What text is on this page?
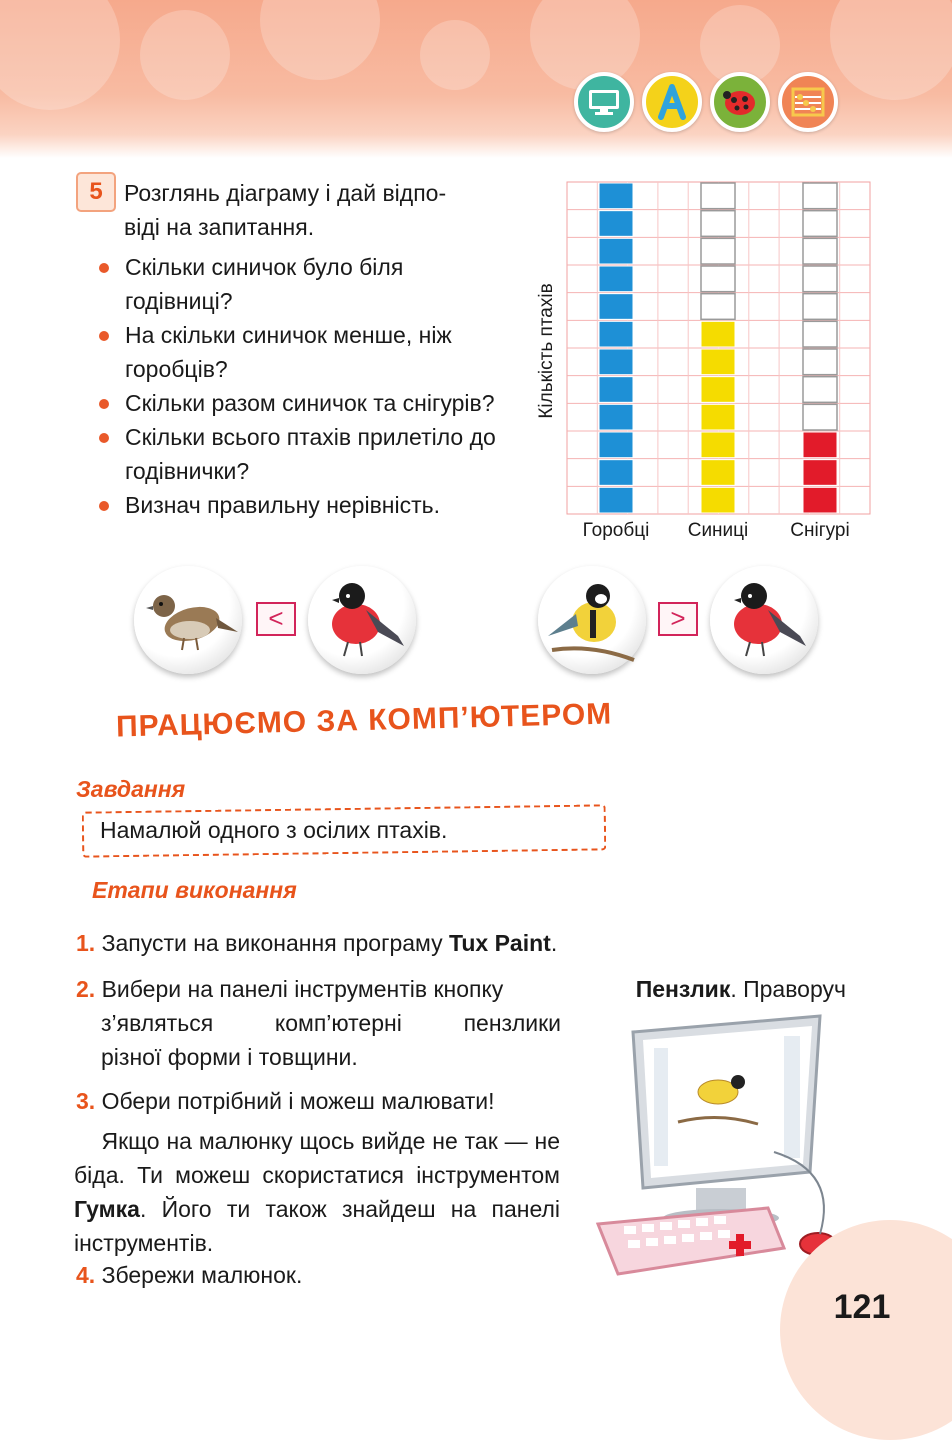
5 Розглянь діаграму і дай відпо-
віді на запитання.
Скільки синичок було біля годівниці?
На скільки синичок менше, ніж горобців?
Скільки разом синичок та снігурів?
Скільки всього птахів прилетіло до годівнички?
Визнач правильну нерівність.
Кількість птахів
Горобці Синиці Снігурі
<	>
ПРАЦЮЄМО ЗА КОМП’ЮТЕРОМ
Завдання
Намалюй одного з осілих птахів.
Етапи виконання
1. Запусти на виконання програму Tux Paint.
2. Вибери на панелі інструментів кнопку	Пензлик. Праворуч
з’являться комп’ютерні пензлики
різної форми і товщини.
3. Обери потрібний і можеш малювати!
Якщо на малюнку щось вийде не так — не біда. Ти можеш скористатися інструментом Гумка. Його ти також знайдеш на панелі інструментів.
4. Збережи малюнок.
121
